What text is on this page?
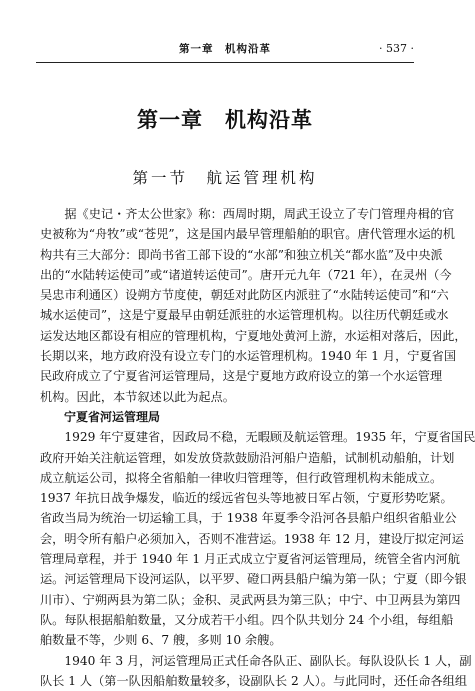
第一章　机构沿革	· 537 ·
第一章　机构沿革
第一节　航运管理机构
　　据《史记・齐太公世家》称：西周时期，周武王设立了专门管理舟楫的官
史被称为“舟牧”或“苍兕”，这是国内最早管理船舶的职官。唐代管理水运的机
构共有三大部分：即尚书省工部下设的“水部”和独立机关“都水监”及中央派
出的“水陆转运使司”或“诸道转运使司”。唐开元九年（721 年），在灵州（今
吴忠市利通区）设朔方节度使，朝廷对此防区内派驻了“水陆转运使司”和“六
城水运使司”，这是宁夏最早由朝廷派驻的水运管理机构。以往历代朝廷或水
运发达地区都设有相应的管理机构，宁夏地处黄河上游，水运相对落后，因此，
长期以来，地方政府没有设立专门的水运管理机构。1940 年 1 月，宁夏省国
民政府成立了宁夏省河运管理局，这是宁夏地方政府设立的第一个水运管理
机构。因此，本节叙述以此为起点。
　　宁夏省河运管理局
　　1929 年宁夏建省，因政局不稳，无暇顾及航运管理。1935 年，宁夏省国民
政府开始关注航运管理，如发放贷款鼓励沿河船户造船，试制机动船舶，计划
成立航运公司，拟将全省船舶一律收归管理等，但行政管理机构未能成立。
1937 年抗日战争爆发，临近的绥远省包头等地被日军占领，宁夏形势吃紧。
省政当局为统治一切运输工具，于 1938 年夏季令沿河各县船户组织省船业公
会，明令所有船户必须加入，否则不准营运。1938 年 12 月，建设厅拟定河运
管理局章程，并于 1940 年 1 月正式成立宁夏省河运管理局，统管全省内河航
运。河运管理局下设河运队，以平罗、磴口两县船户编为第一队；宁夏（即今银
川市）、宁朔两县为第二队；金积、灵武两县为第三队；中宁、中卫两县为第四
队。每队根据船舶数量，又分成若干小组。四个队共划分 24 个小组，每组船
舶数量不等，少则 6、7 艘，多则 10 余艘。
　　1940 年 3 月，河运管理局正式任命各队正、副队长。每队设队长 1 人，副
队长 1 人（第一队因船舶数量较多，设副队长 2 人）。与此同时，还任命各组组
